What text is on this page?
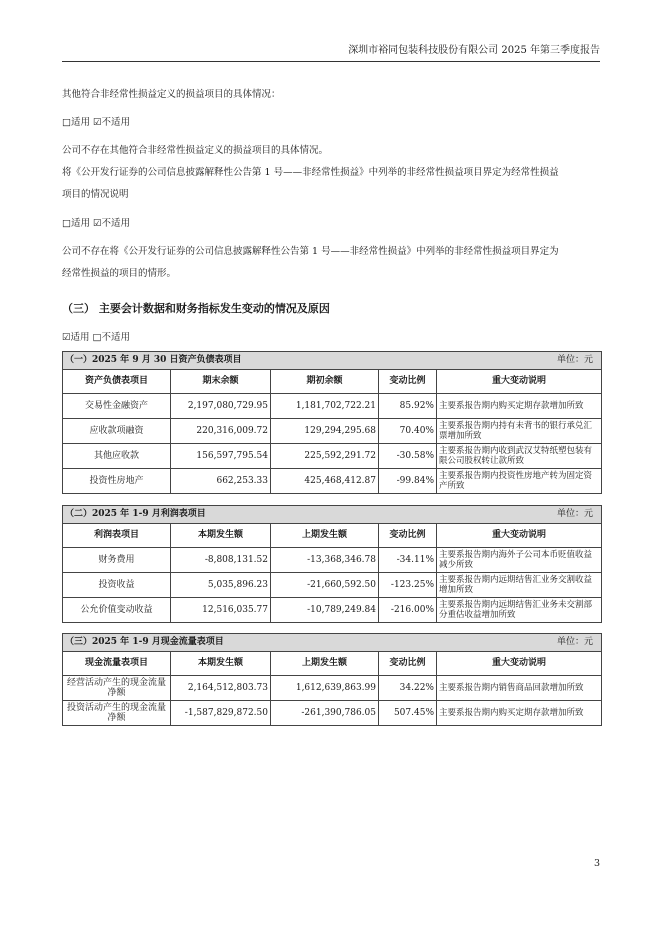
深圳市裕同包装科技股份有限公司 2025 年第三季度报告
其他符合非经常性损益定义的损益项目的具体情况：
□适用 ☑不适用
公司不存在其他符合非经常性损益定义的损益项目的具体情况。
将《公开发行证券的公司信息披露解释性公告第 1 号——非经常性损益》中列举的非经常性损益项目界定为经常性损益
项目的情况说明
□适用 ☑不适用
公司不存在将《公开发行证券的公司信息披露解释性公告第 1 号——非经常性损益》中列举的非经常性损益项目界定为
经常性损益的项目的情形。
（三） 主要会计数据和财务指标发生变动的情况及原因
☑适用 □不适用
（一）2025 年 9 月 30 日资产负债表项目 单位：元				

资产负债表项目	期末余额	期初余额	变动比例	重大变动说明
交易性金融资产	2,197,080,729.95	1,181,702,722.21	85.92%	主要系报告期内购买定期存款增加所致
应收款项融资	220,316,009.72	129,294,295.68	70.40%	主要系报告期内持有未背书的银行承兑汇票增加所致
其他应收款	156,597,795.54	225,592,291.72	-30.58%	主要系报告期内收到武汉艾特纸塑包装有限公司股权转让款所致
投资性房地产	662,253.33	425,468,412.87	-99.84%	主要系报告期内投资性房地产转为固定资产所致
（二）2025 年 1-9 月利润表项目 单位：元				

利润表项目	本期发生额	上期发生额	变动比例	重大变动说明
财务费用	-8,808,131.52	-13,368,346.78	-34.11%	主要系报告期内海外子公司本币贬值收益减少所致
投资收益	5,035,896.23	-21,660,592.50	-123.25%	主要系报告期内远期结售汇业务交割收益增加所致
公允价值变动收益	12,516,035.77	-10,789,249.84	-216.00%	主要系报告期内远期结售汇业务未交割部分重估收益增加所致
（三）2025 年 1-9 月现金流量表项目 单位：元				

现金流量表项目	本期发生额	上期发生额	变动比例	重大变动说明
经营活动产生的现金流量净额	2,164,512,803.73	1,612,639,863.99	34.22%	主要系报告期内销售商品回款增加所致
投资活动产生的现金流量净额	-1,587,829,872.50	-261,390,786.05	507.45%	主要系报告期内购买定期存款增加所致
3
